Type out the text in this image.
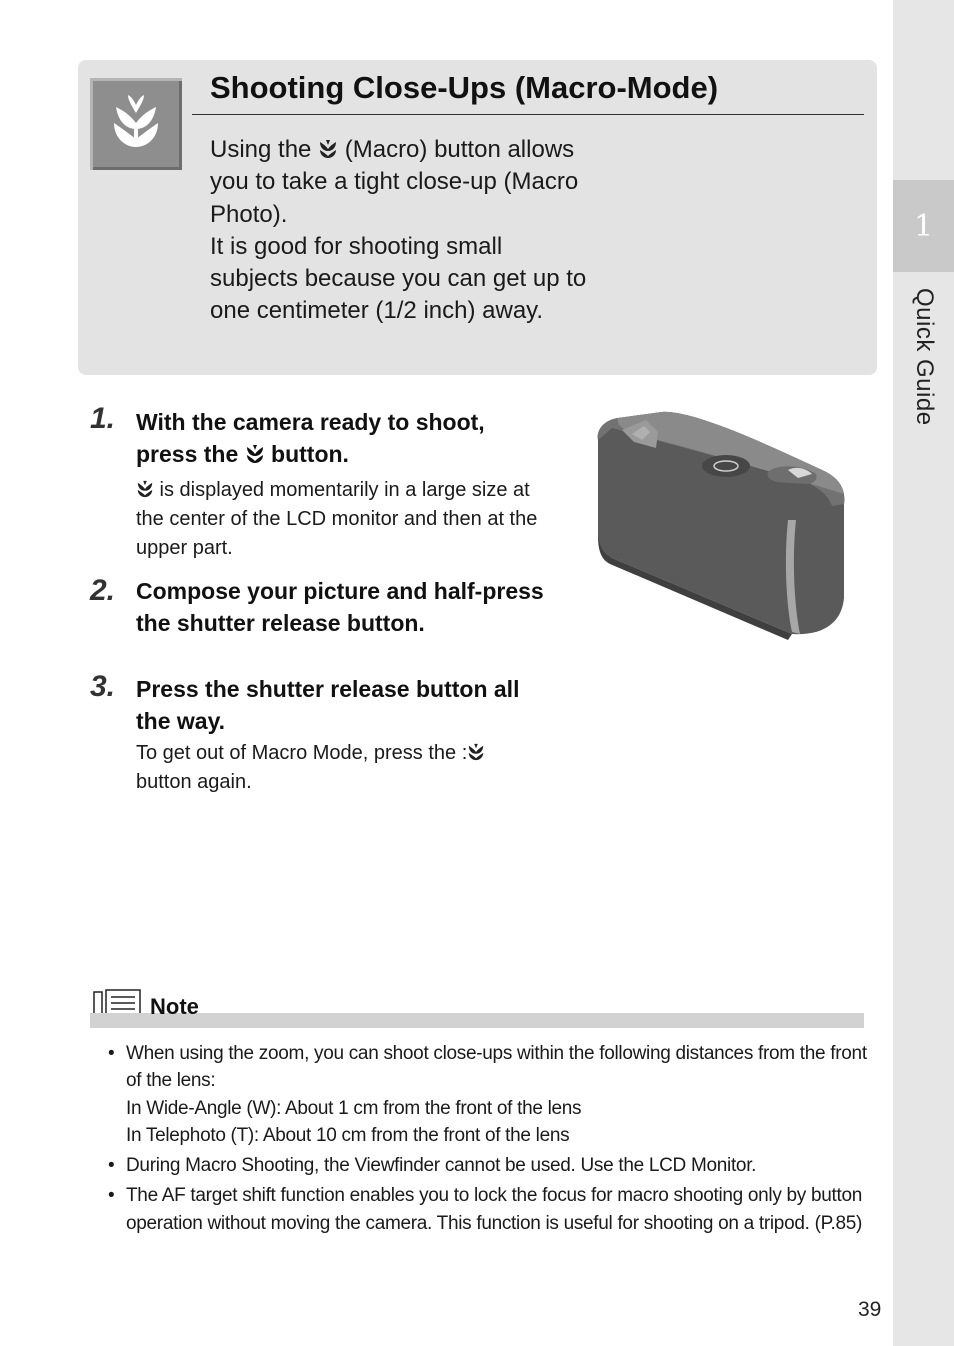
1
Quick Guide
Shooting Close-Ups (Macro-Mode)

Using the  (Macro) button allows you to take a tight close-up (Macro Photo).
It is good for shooting small subjects because you can get up to one centimeter (1/2 inch) away.

1. With the camera ready to shoot, press the  button.

is displayed momentarily in a large size at the center of the LCD monitor and then at the upper part.

2. Compose your picture and half-press the shutter release button.

3. Press the shutter release button all the way.

To get out of Macro Mode, press the :
button again.

Note
• When using the zoom, you can shoot close-ups within the following distances from the front of the lens:
In Wide-Angle (W): About 1 cm from the front of the lens
In Telephoto (T): About 10 cm from the front of the lens
• During Macro Shooting, the Viewfinder cannot be used. Use the LCD Monitor.
• The AF target shift function enables you to lock the focus for macro shooting only by button operation without moving the camera. This function is useful for shooting on a tripod. (P.85)
39
